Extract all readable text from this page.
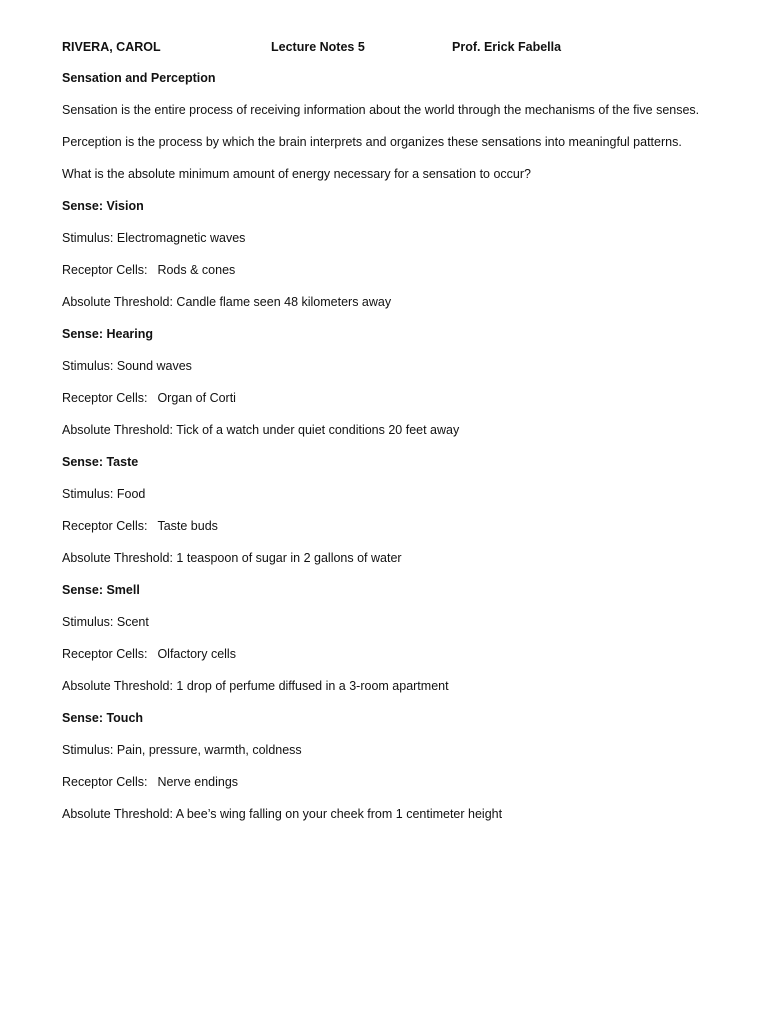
RIVERA, CAROL	Lecture Notes 5	Prof. Erick Fabella
Sensation and Perception
Sensation is the entire process of receiving information about the world through the mechanisms of the five senses.
Perception is the process by which the brain interprets and organizes these sensations into meaningful patterns.
What is the absolute minimum amount of energy necessary for a sensation to occur?
Sense: Vision
Stimulus: Electromagnetic waves
Receptor Cells: Rods & cones
Absolute Threshold: Candle flame seen 48 kilometers away
Sense: Hearing
Stimulus: Sound waves
Receptor Cells: Organ of Corti
Absolute Threshold: Tick of a watch under quiet conditions 20 feet away
Sense: Taste
Stimulus: Food
Receptor Cells: Taste buds
Absolute Threshold: 1 teaspoon of sugar in 2 gallons of water
Sense: Smell
Stimulus: Scent
Receptor Cells: Olfactory cells
Absolute Threshold: 1 drop of perfume diffused in a 3-room apartment
Sense: Touch
Stimulus: Pain, pressure, warmth, coldness
Receptor Cells: Nerve endings
Absolute Threshold: A bee’s wing falling on your cheek from 1 centimeter height
